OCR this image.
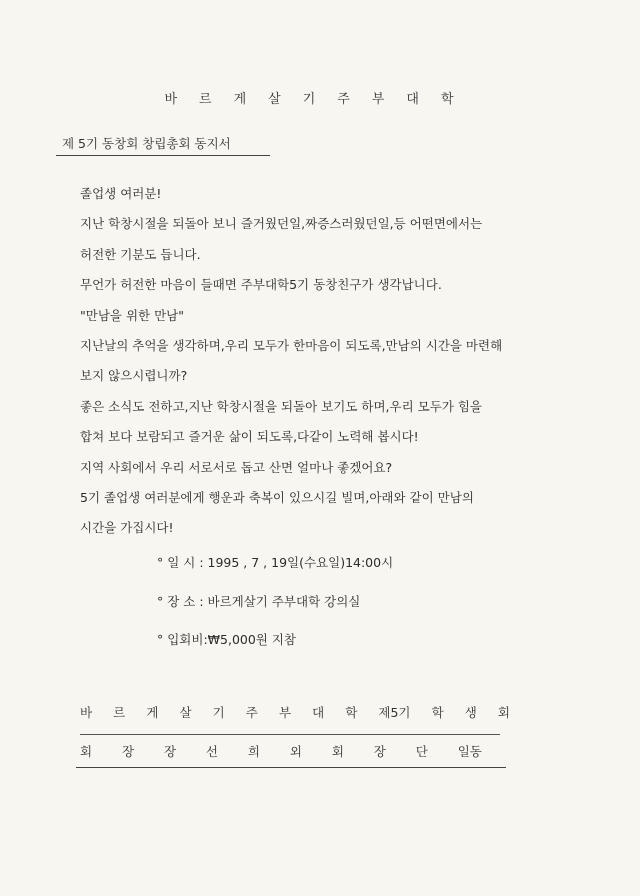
바르게살기주부대학
제 5기 동창회 창립총회 동지서
졸업생 여러분!
지난 학창시절을 되돌아 보니 즐거웠던일,짜증스러웠던일,등 어떤면에서는
허전한 기분도 듭니다.
무언가 허전한 마음이 들때면 주부대학5기 동창친구가 생각납니다.
"만남을 위한 만남"
지난날의 추억을 생각하며,우리 모두가 한마음이 되도록,만남의 시간을 마련해
보지 않으시렵니까?
좋은 소식도 전하고,지난 학창시절을 되돌아 보기도 하며,우리 모두가 힘을
합쳐 보다 보람되고 즐거운 삶이 되도록,다같이 노력해 봅시다!
지역 사회에서 우리 서로서로 돕고 산면 얼마나 좋겠어요?
5기 졸업생 여러분에게 행운과 축복이 있으시길 빌며,아래와 같이 만남의
시간을 가집시다!
° 일 시 : 1995 , 7 , 19일(수요일)14:00시
° 장 소 : 바르게살기 주부대학 강의실
° 입회비:₩5,000원 지참
바 르 게 살 기 주 부 대 학 제5기 학 생 회
회 장 장 선 희 외 회 장 단 일동
